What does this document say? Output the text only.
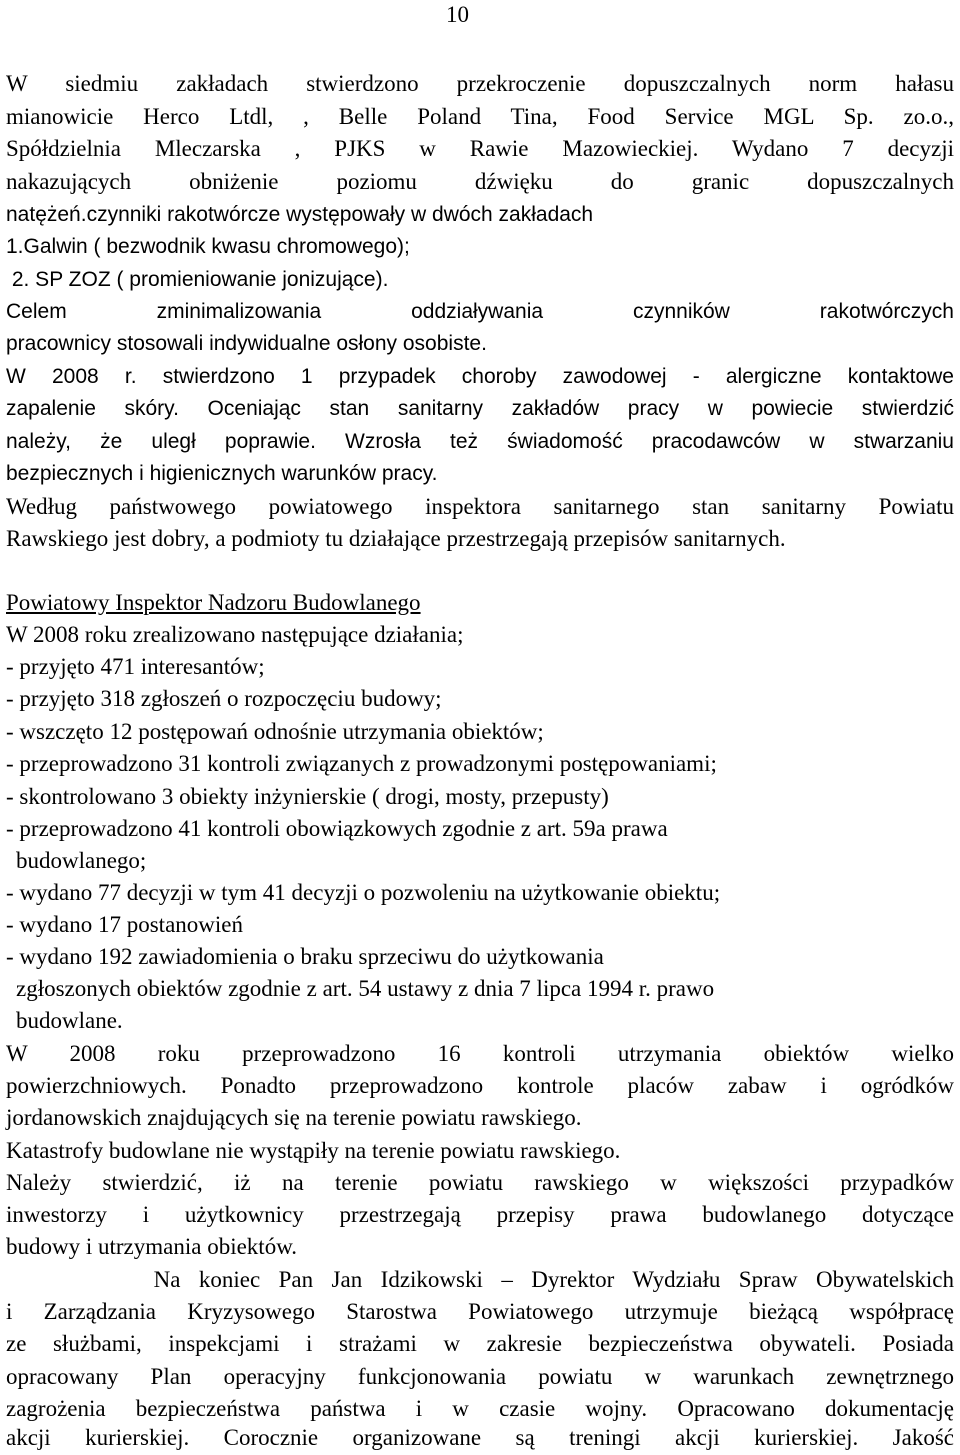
10
W siedmiu zakładach stwierdzono przekroczenie dopuszczalnych norm hałasu
mianowicie Herco Ltdl, , Belle Poland Tina, Food Service MGL Sp. zo.o.,
Spółdzielnia Mleczarska , PJKS w Rawie Mazowieckiej. Wydano 7 decyzji
nakazujących obniżenie poziomu dźwięku do granic dopuszczalnych
natężeń.czynniki rakotwórcze występowały w dwóch zakładach
1.Galwin ( bezwodnik kwasu chromowego);
2. SP ZOZ ( promieniowanie jonizujące).
Celem zminimalizowania oddziaływania czynników rakotwórczych
pracownicy stosowali indywidualne osłony osobiste.
W 2008 r. stwierdzono 1 przypadek choroby zawodowej - alergiczne kontaktowe
zapalenie skóry. Oceniając stan sanitarny zakładów pracy w powiecie stwierdzić
należy, że uległ poprawie. Wzrosła też świadomość pracodawców w stwarzaniu
bezpiecznych i higienicznych warunków pracy.
Według państwowego powiatowego inspektora sanitarnego stan sanitarny Powiatu
Rawskiego jest dobry, a podmioty tu działające przestrzegają przepisów sanitarnych.
Powiatowy Inspektor Nadzoru Budowlanego
W 2008 roku zrealizowano następujące działania;
- przyjęto 471 interesantów;
- przyjęto 318 zgłoszeń o rozpoczęciu budowy;
- wszczęto 12 postępowań odnośnie utrzymania obiektów;
- przeprowadzono 31 kontroli związanych z prowadzonymi postępowaniami;
- skontrolowano 3 obiekty inżynierskie ( drogi, mosty, przepusty)
- przeprowadzono 41 kontroli obowiązkowych zgodnie z art. 59a prawa
budowlanego;
- wydano 77 decyzji w tym 41 decyzji o pozwoleniu na użytkowanie obiektu;
- wydano 17 postanowień
- wydano 192 zawiadomienia o braku sprzeciwu do użytkowania
zgłoszonych obiektów zgodnie z art. 54 ustawy z dnia 7 lipca 1994 r. prawo
budowlane.
W 2008 roku przeprowadzono 16 kontroli utrzymania obiektów wielko
powierzchniowych. Ponadto przeprowadzono kontrole placów zabaw i ogródków
jordanowskich znajdujących się na terenie powiatu rawskiego.
Katastrofy budowlane nie wystąpiły na terenie powiatu rawskiego.
Należy stwierdzić, iż na terenie powiatu rawskiego w większości przypadków
inwestorzy i użytkownicy przestrzegają przepisy prawa budowlanego dotyczące
budowy i utrzymania obiektów.
Na koniec Pan Jan Idzikowski – Dyrektor Wydziału Spraw Obywatelskich
i Zarządzania Kryzysowego Starostwa Powiatowego utrzymuje bieżącą współpracę
ze służbami, inspekcjami i strażami w zakresie bezpieczeństwa obywateli. Posiada
opracowany Plan operacyjny funkcjonowania powiatu w warunkach zewnętrznego
zagrożenia bezpieczeństwa państwa i w czasie wojny. Opracowano dokumentację
akcji kurierskiej. Corocznie organizowane są treningi akcji kurierskiej. Jakość
